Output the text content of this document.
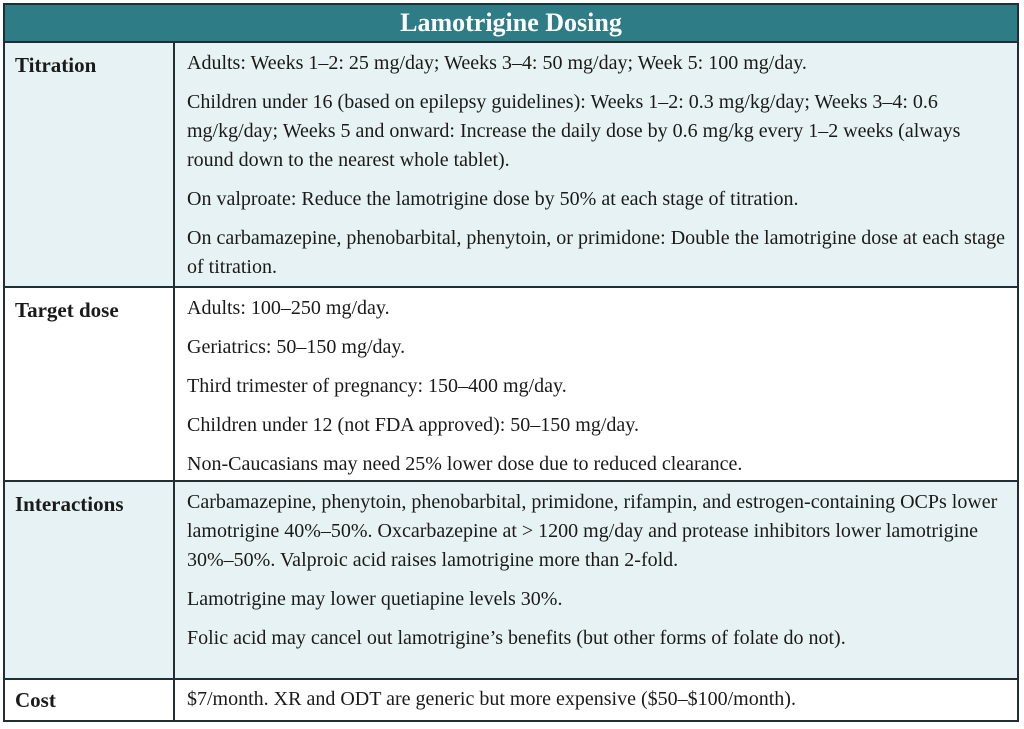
Lamotrigine Dosing
Titration	Adults: Weeks 1–2: 25 mg/day; Weeks 3–4: 50 mg/day; Week 5: 100 mg/day.

Children under 16 (based on epilepsy guidelines): Weeks 1–2: 0.3 mg/kg/day; Weeks 3–4: 0.6 mg/kg/day; Weeks 5 and onward: Increase the daily dose by 0.6 mg/kg every 1–2 weeks (always round down to the nearest whole tablet).

On valproate: Reduce the lamotrigine dose by 50% at each stage of titration.

On carbamazepine, phenobarbital, phenytoin, or primidone: Double the lamotrigine dose at each stage of titration.

Target dose	Adults: 100–250 mg/day.

Geriatrics: 50–150 mg/day.

Third trimester of pregnancy: 150–400 mg/day.

Children under 12 (not FDA approved): 50–150 mg/day.

Non-Caucasians may need 25% lower dose due to reduced clearance.

Interactions	Carbamazepine, phenytoin, phenobarbital, primidone, rifampin, and estrogen-containing OCPs lower lamotrigine 40%–50%. Oxcarbazepine at > 1200 mg/day and protease inhibitors lower lamotrigine 30%–50%. Valproic acid raises lamotrigine more than 2-fold.

Lamotrigine may lower quetiapine levels 30%.

Folic acid may cancel out lamotrigine’s benefits (but other forms of folate do not).

Cost	$7/month. XR and ODT are generic but more expensive ($50–$100/month).
